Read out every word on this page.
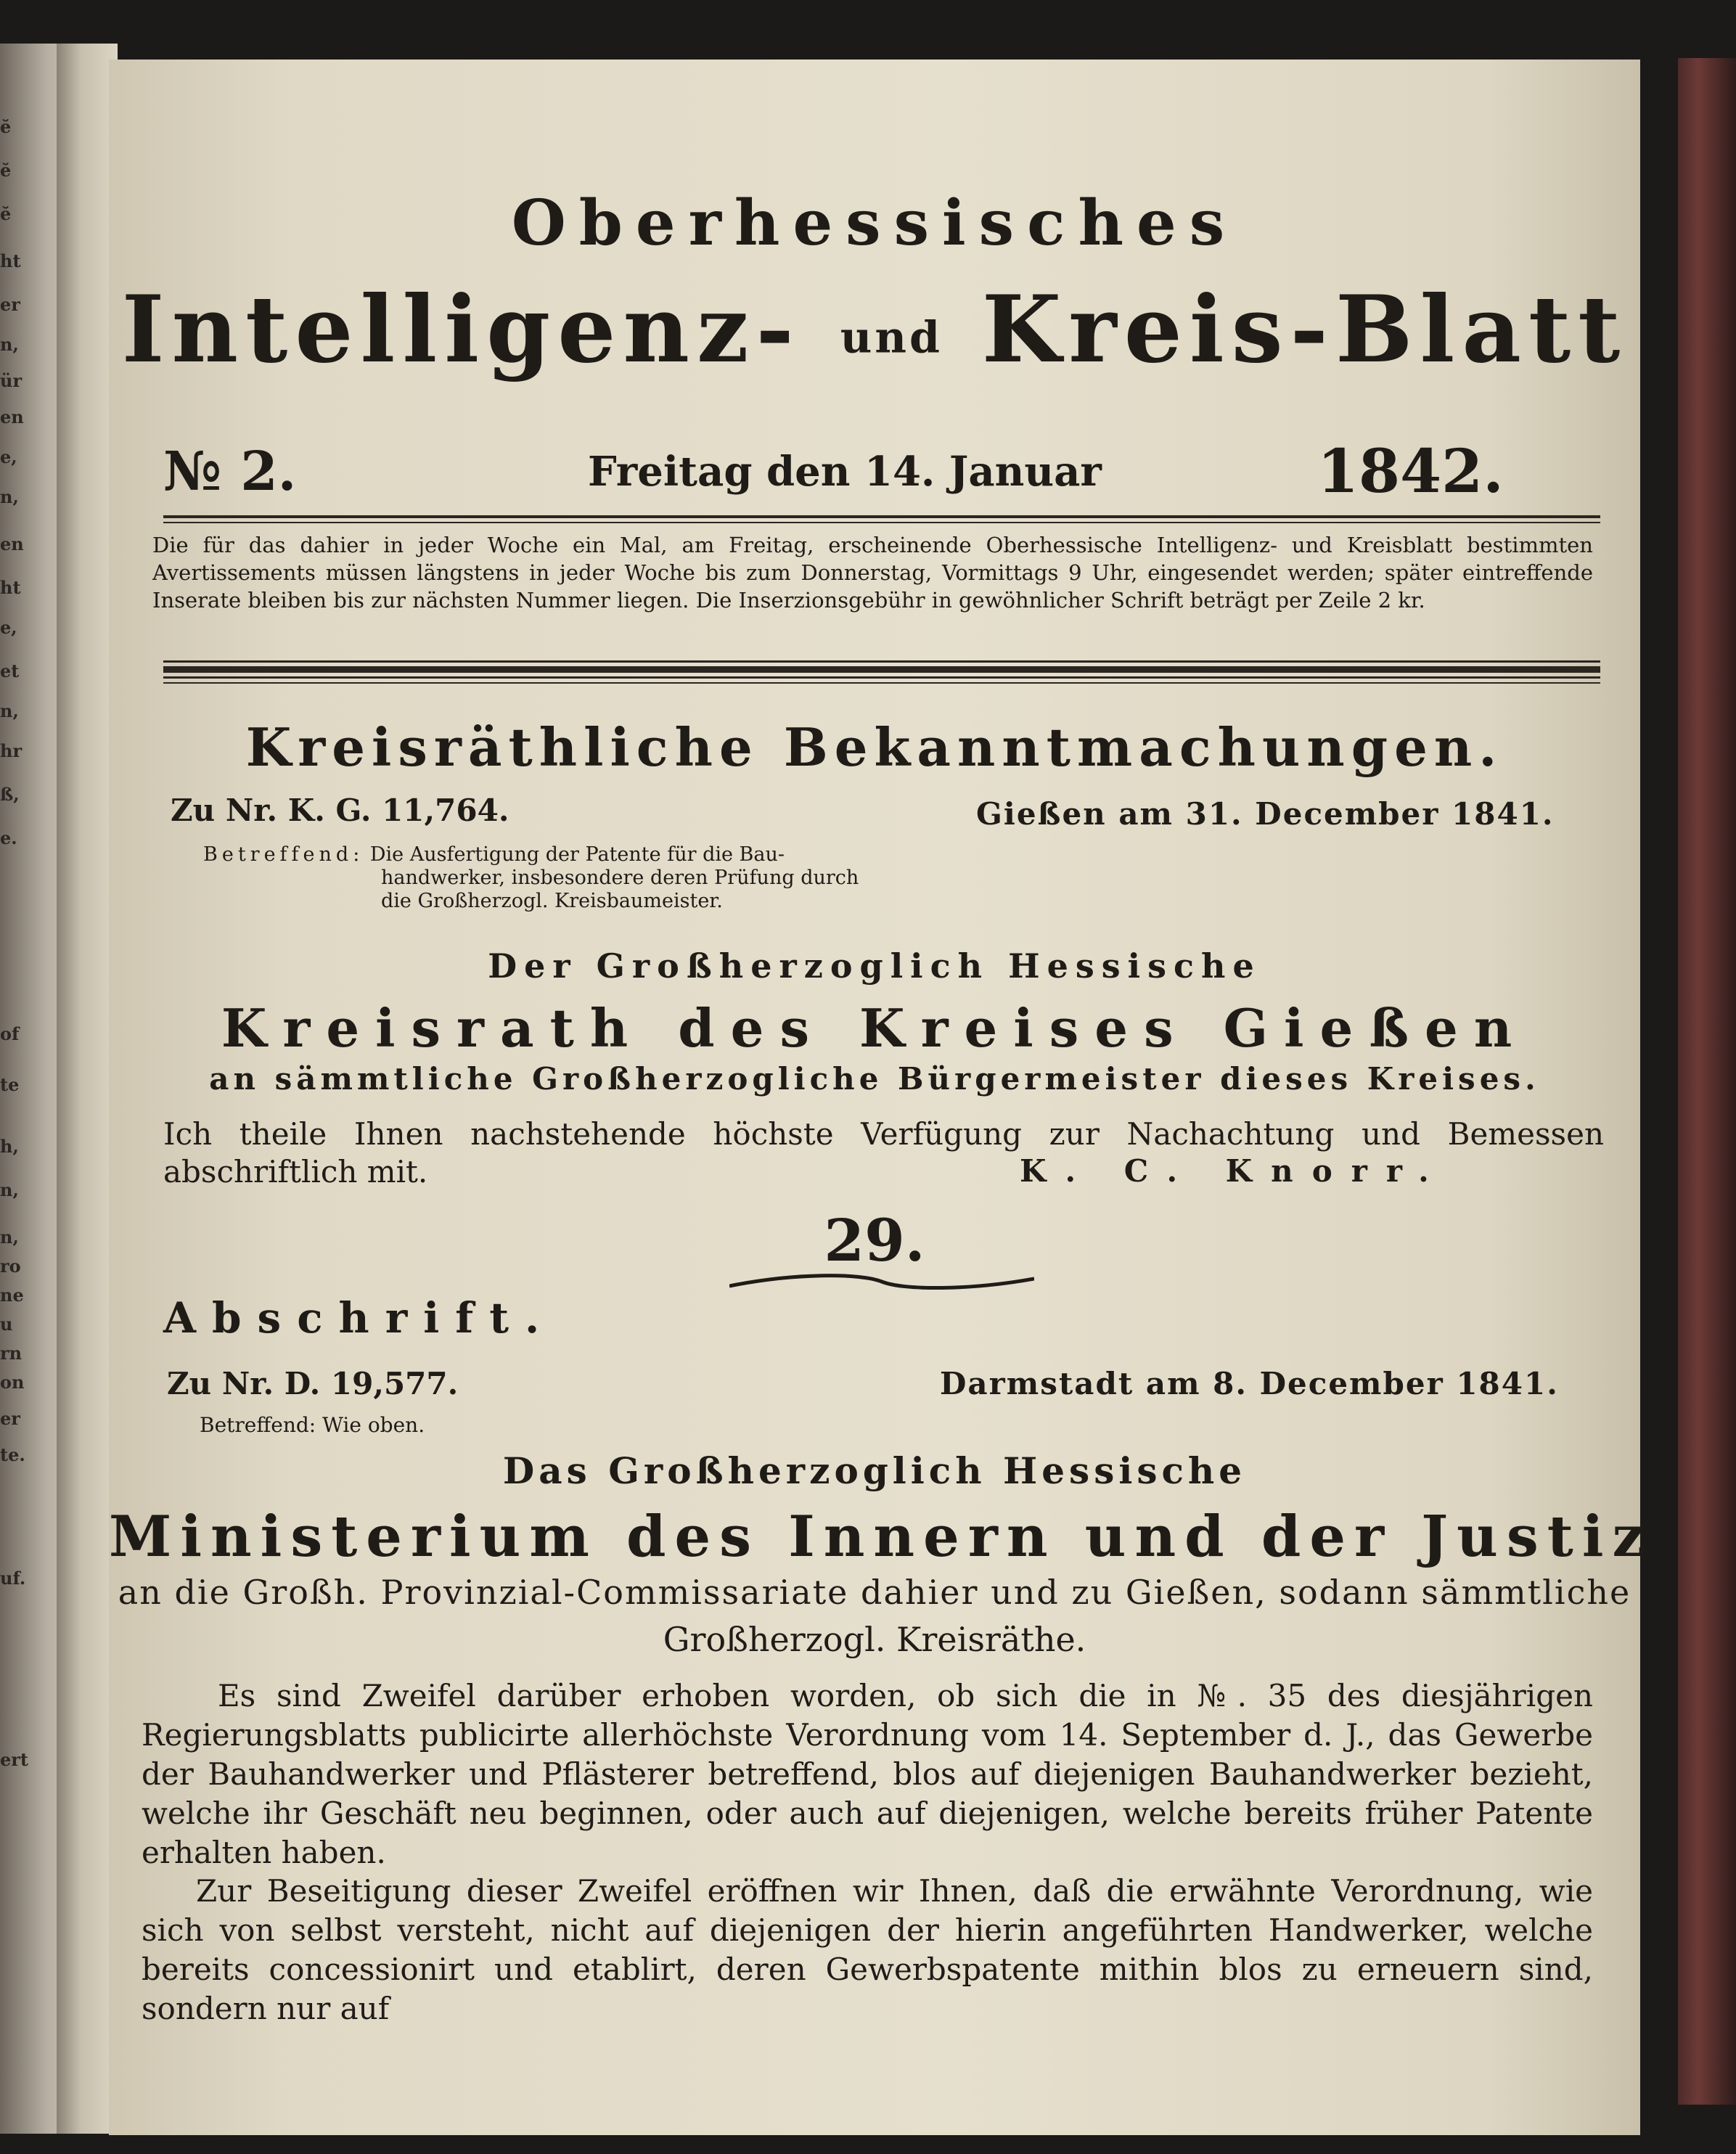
ĕ
ĕ
ĕ
ht
er
n,
ür
en
e,
n,
en
ht
e,
et
n,
hr
ß,
e.
of
te
h,
n,
n,
ro
ne
u
rn
on
er
te.
uf.
ert
Oberhessisches
Intelligenz- und Kreis-Blatt
№ 2.	Freitag den 14. Januar	1842.

Die für das dahier in jeder Woche ein Mal, am Freitag, erscheinende Oberhessische Intelligenz- und Kreisblatt bestimmten Avertissements müssen längstens in jeder Woche bis zum Donnerstag, Vormittags 9 Uhr, eingesendet werden; später eintreffende Inserate bleiben bis zur nächsten Nummer liegen. Die Inserzionsgebühr in gewöhnlicher Schrift beträgt per Zeile 2 kr.

Kreisräthliche Bekanntmachungen.
Zu Nr. K. G. 11,764.	Gießen am 31. December 1841.
Betreffend: Die Ausfertigung der Patente für die Bau-
handwerker, insbesondere deren Prüfung durch
die Großherzogl. Kreisbaumeister.
Der Großherzoglich Hessische
Kreisrath des Kreises Gießen
an sämmtliche Großherzogliche Bürgermeister dieses Kreises.

Ich theile Ihnen nachstehende höchste Verfügung zur Nachachtung und Bemessen abschriftlich mit.	K. C. Knorr.
29.
Abschrift.
Zu Nr. D. 19,577.	Darmstadt am 8. December 1841.
Betreffend: Wie oben.
Das Großherzoglich Hessische
Ministerium des Innern und der Justiz
an die Großh. Provinzial-Commissariate dahier und zu Gießen, sodann sämmtliche
Großherzogl. Kreisräthe.

Es sind Zweifel darüber erhoben worden, ob sich die in №. 35 des diesjährigen Regierungsblatts publicirte allerhöchste Verordnung vom 14. September d. J., das Gewerbe der Bauhandwerker und Pflästerer betreffend, blos auf diejenigen Bauhandwerker bezieht, welche ihr Geschäft neu beginnen, oder auch auf diejenigen, welche bereits früher Patente erhalten haben.

Zur Beseitigung dieser Zweifel eröffnen wir Ihnen, daß die erwähnte Verordnung, wie sich von selbst versteht, nicht auf diejenigen der hierin angeführten Handwerker, welche bereits concessionirt und etablirt, deren Gewerbspatente mithin blos zu erneuern sind, sondern nur auf
